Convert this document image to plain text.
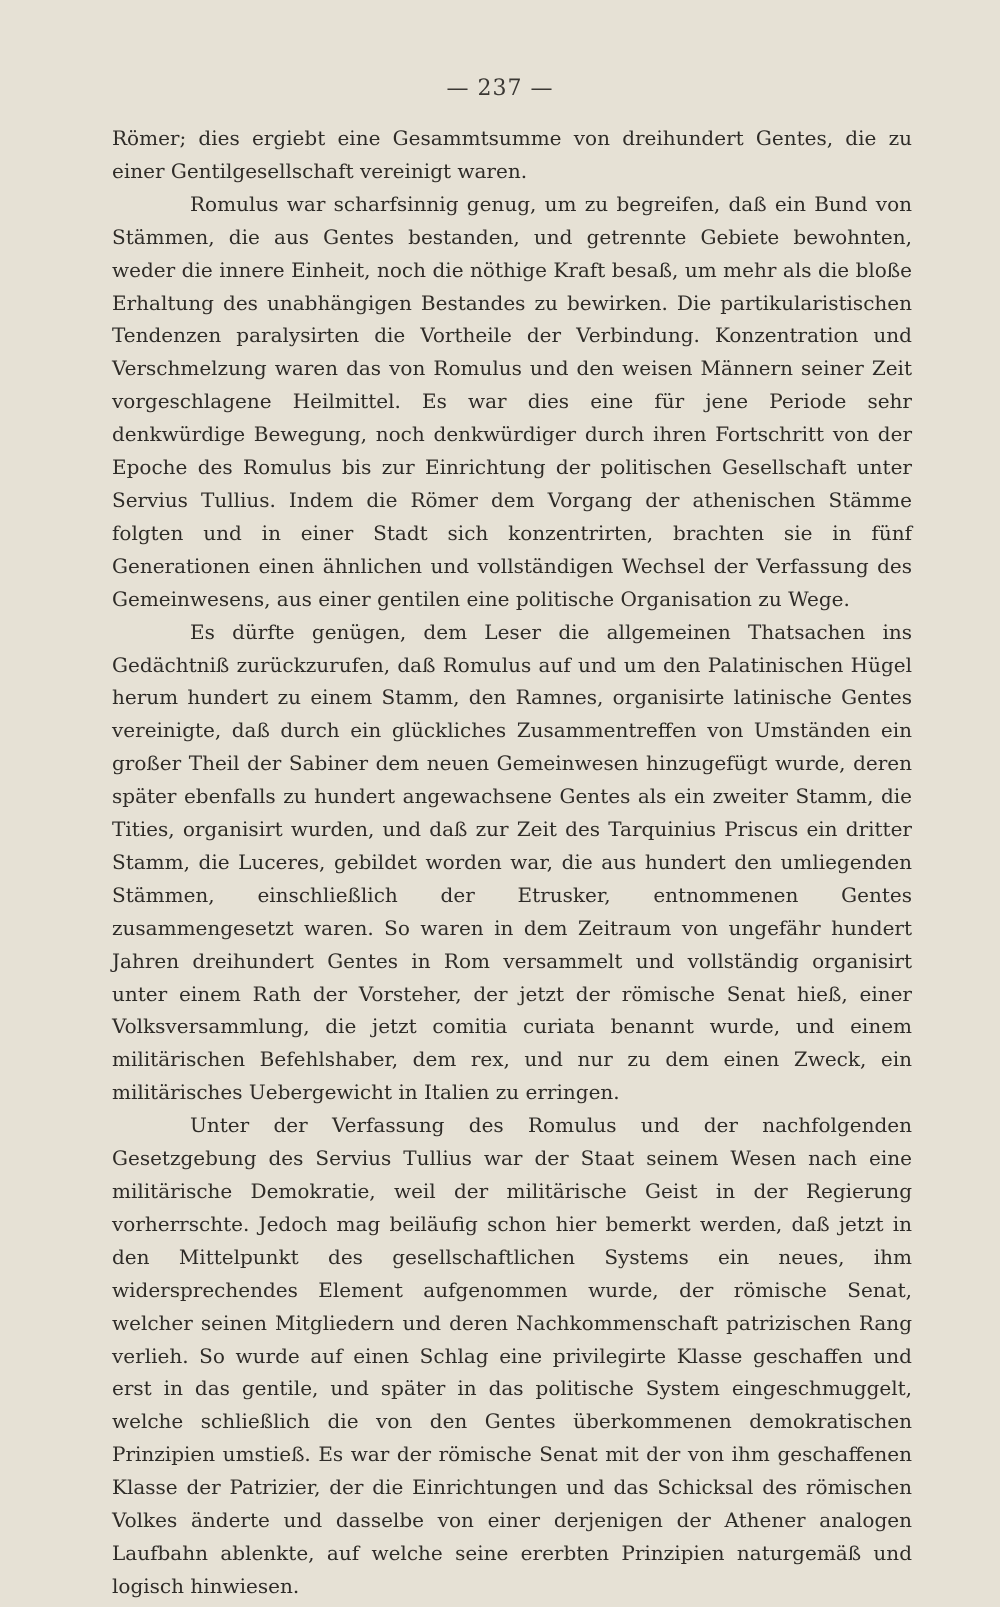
— 237 —

Römer; dies ergiebt eine Gesammtsumme von dreihundert Gentes, die zu einer Gentilgesellschaft vereinigt waren.

Romulus war scharfsinnig genug, um zu begreifen, daß ein Bund von Stämmen, die aus Gentes bestanden, und getrennte Gebiete bewohnten, weder die innere Einheit, noch die nöthige Kraft besaß, um mehr als die bloße Erhaltung des unabhängigen Bestandes zu bewirken. Die partikularistischen Tendenzen paralysirten die Vortheile der Verbindung. Konzentration und Verschmelzung waren das von Romulus und den weisen Männern seiner Zeit vorgeschlagene Heilmittel. Es war dies eine für jene Periode sehr denkwürdige Bewegung, noch denkwürdiger durch ihren Fortschritt von der Epoche des Romulus bis zur Einrichtung der politischen Gesellschaft unter Servius Tullius. Indem die Römer dem Vorgang der athenischen Stämme folgten und in einer Stadt sich konzentrirten, brachten sie in fünf Generationen einen ähnlichen und vollständigen Wechsel der Verfassung des Gemeinwesens, aus einer gentilen eine politische Organisation zu Wege.

Es dürfte genügen, dem Leser die allgemeinen Thatsachen ins Gedächtniß zurückzurufen, daß Romulus auf und um den Palatinischen Hügel herum hundert zu einem Stamm, den Ramnes, organisirte latinische Gentes vereinigte, daß durch ein glückliches Zusammentreffen von Umständen ein großer Theil der Sabiner dem neuen Gemeinwesen hinzugefügt wurde, deren später ebenfalls zu hundert angewachsene Gentes als ein zweiter Stamm, die Tities, organisirt wurden, und daß zur Zeit des Tarquinius Priscus ein dritter Stamm, die Luceres, gebildet worden war, die aus hundert den umliegenden Stämmen, einschließlich der Etrusker, entnommenen Gentes zusammengesetzt waren. So waren in dem Zeitraum von ungefähr hundert Jahren dreihundert Gentes in Rom versammelt und vollständig organisirt unter einem Rath der Vorsteher, der jetzt der römische Senat hieß, einer Volksversammlung, die jetzt comitia curiata benannt wurde, und einem militärischen Befehlshaber, dem rex, und nur zu dem einen Zweck, ein militärisches Uebergewicht in Italien zu erringen.

Unter der Verfassung des Romulus und der nachfolgenden Gesetzgebung des Servius Tullius war der Staat seinem Wesen nach eine militärische Demokratie, weil der militärische Geist in der Regierung vorherrschte. Jedoch mag beiläufig schon hier bemerkt werden, daß jetzt in den Mittelpunkt des gesellschaftlichen Systems ein neues, ihm widersprechendes Element aufgenommen wurde, der römische Senat, welcher seinen Mitgliedern und deren Nachkommenschaft patrizischen Rang verlieh. So wurde auf einen Schlag eine privilegirte Klasse geschaffen und erst in das gentile, und später in das politische System eingeschmuggelt, welche schließlich die von den Gentes überkommenen demokratischen Prinzipien umstieß. Es war der römische Senat mit der von ihm geschaffenen Klasse der Patrizier, der die Einrichtungen und das Schicksal des römischen Volkes änderte und dasselbe von einer derjenigen der Athener analogen Laufbahn ablenkte, auf welche seine ererbten Prinzipien naturgemäß und logisch hinwiesen.
